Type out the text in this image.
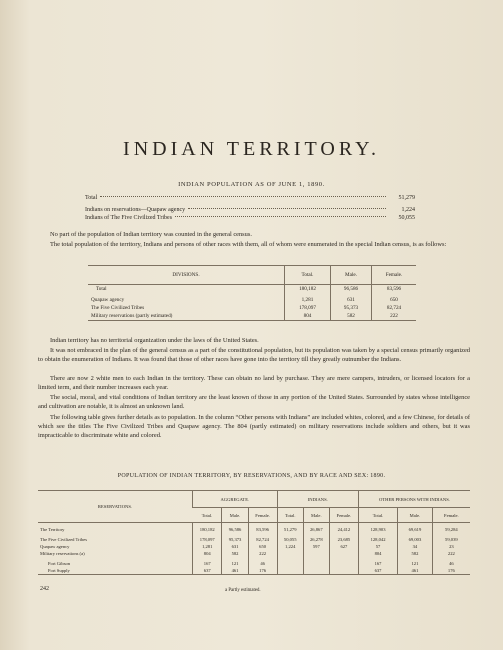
INDIAN TERRITORY.
INDIAN POPULATION AS OF JUNE 1, 1890.
Total	51,279
Indians on reservations—Quapaw agency	1,224
Indians of The Five Civilized Tribes	50,055

No part of the population of Indian territory was counted in the general census.

The total population of the territory, Indians and persons of other races with them, all of whom were enumerated in the special Indian census, is as follows:

DIVISIONS.	Total.	Male.	Female.
Total	180,182	96,586	83,596

Quapaw agency	1,281	631	650
The Five Civilized Tribes	178,097	95,373	82,724
Military reservations (partly estimated)	804	582	222

Indian territory has no territorial organization under the laws of the United States.

It was not embraced in the plan of the general census as a part of the constitutional population, but its population was taken by a special census primarily organized to obtain the enumeration of Indians. It was found that those of other races have gone into the territory till they greatly outnumber the Indians.

There are now 2 white men to each Indian in the territory. These can obtain no land by purchase. They are mere campers, intruders, or licensed locators for a limited term, and their number increases each year.

The social, moral, and vital conditions of Indian territory are the least known of those in any portion of the United States. Surrounded by states whose intelligence and cultivation are notable, it is almost an unknown land.

The following table gives further details as to population. In the column “Other persons with Indians” are included whites, colored, and a few Chinese, for details of which see the titles The Five Civilized Tribes and Quapaw agency. The 804 (partly estimated) on military reservations include soldiers and others, but it was impracticable to discriminate white and colored.

POPULATION OF INDIAN TERRITORY, BY RESERVATIONS, AND BY RACE AND SEX: 1890.
RESERVATIONS.	AGGREGATE.			INDIANS.			OTHER PERSONS WITH INDIANS.		
	Total.	Male.	Female.	Total.	Male.	Female.	Total.	Male.	Female.

The Territory	180,182	96,586	83,596	51,279	26,867	24,412	128,903	69,619	59,284

The Five Civilized Tribes	178,097	95,373	82,724	50,055	26,278	23,685	128,042	69,003	59,039
Quapaw agency	1,281	631	650	1,224	597	627	57	34	23
Military reservations (a)	804	582	222				804	582	222

Fort Gibson	167	121	46				167	121	46
Fort Supply	637	461	176				637	461	176
242	a Partly estimated.
